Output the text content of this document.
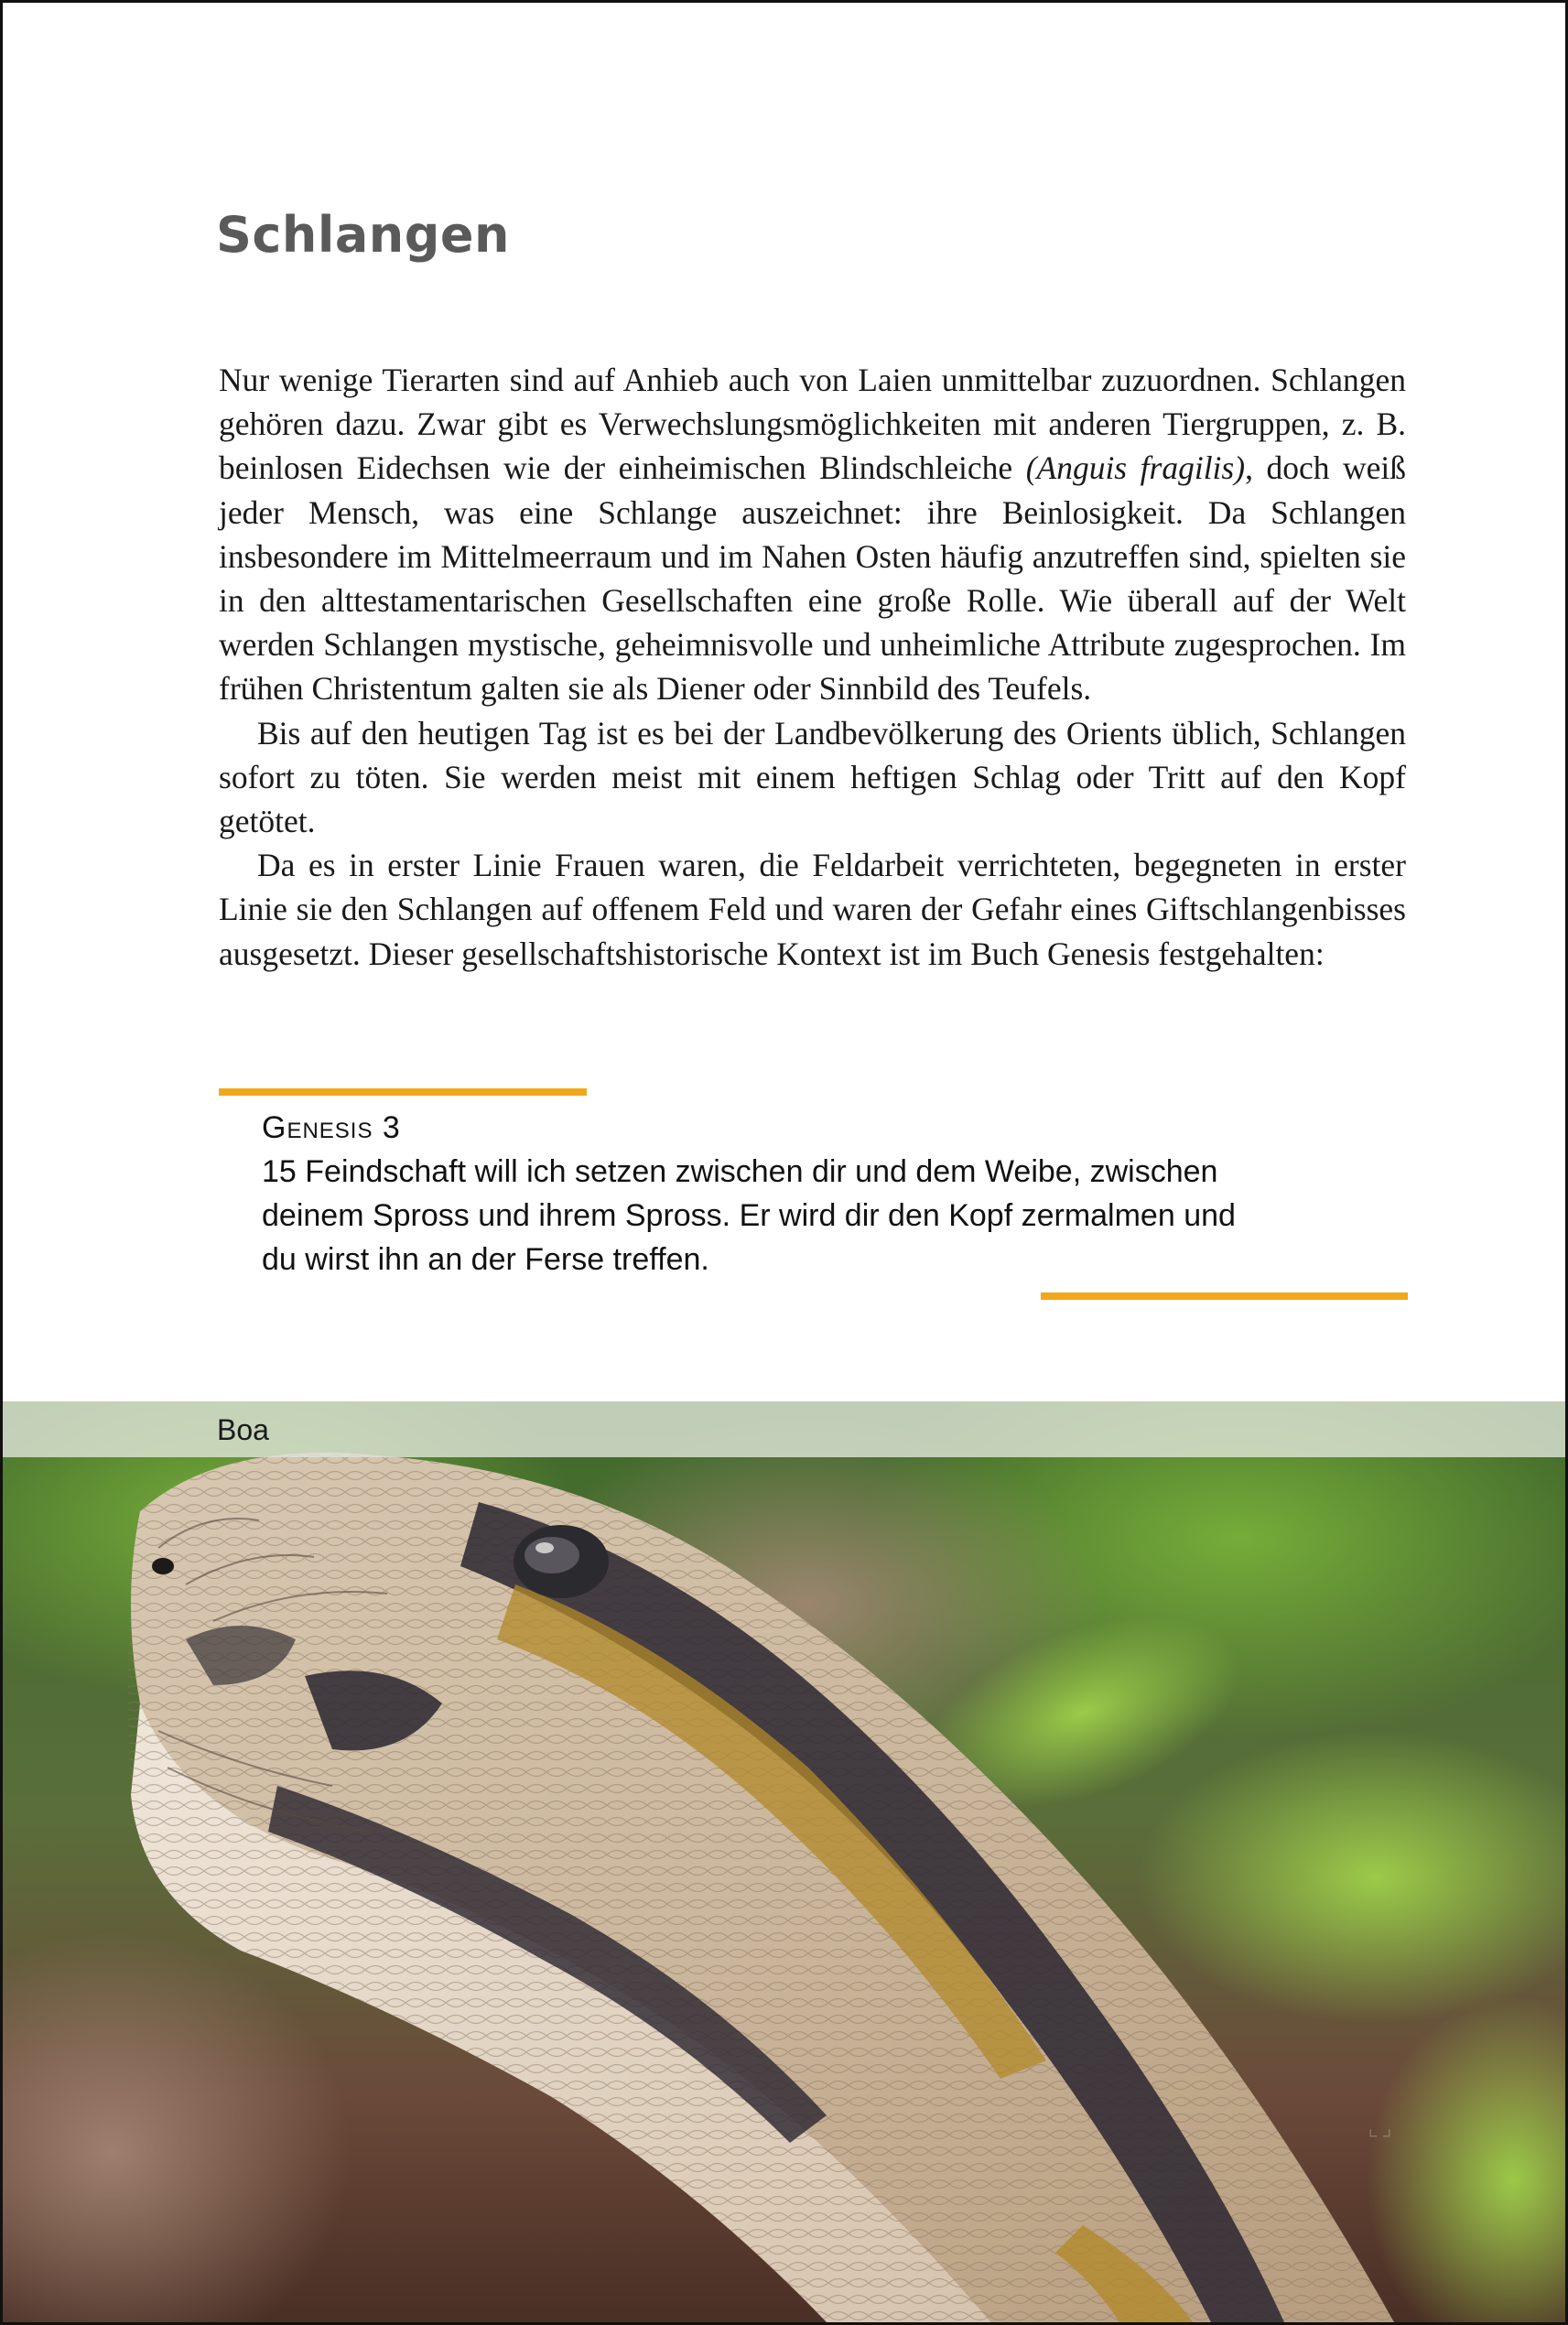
Schlangen

Nur wenige Tierarten sind auf Anhieb auch von Laien unmittelbar zuzuordnen. Schlangen gehören dazu. Zwar gibt es Verwechslungsmöglichkeiten mit anderen Tiergruppen, z. B. beinlosen Eidechsen wie der einheimischen Blindschleiche (Anguis fragilis), doch weiß jeder Mensch, was eine Schlange auszeichnet: ihre Beinlosigkeit. Da Schlangen insbesondere im Mittelmeerraum und im Nahen Osten häufig anzutreffen sind, spielten sie in den alttestamentarischen Gesellschaften eine große Rolle. Wie überall auf der Welt werden Schlangen mystische, geheimnisvolle und unheimliche Attribute zugesprochen. Im frühen Christentum galten sie als Diener oder Sinnbild des Teufels.

Bis auf den heutigen Tag ist es bei der Landbevölkerung des Orients üblich, Schlangen sofort zu töten. Sie werden meist mit einem heftigen Schlag oder Tritt auf den Kopf getötet.

Da es in erster Linie Frauen waren, die Feldarbeit verrichteten, begegneten in erster Linie sie den Schlangen auf offenem Feld und waren der Gefahr eines Giftschlangenbisses ausgesetzt. Dieser gesellschaftshistorische Kontext ist im Buch Genesis festgehalten:

Genesis 3

15 Feindschaft will ich setzen zwischen dir und dem Weibe, zwischen
deinem Spross und ihrem Spross. Er wird dir den Kopf zermalmen und
du wirst ihn an der Ferse treffen.

Boa
⌞⌟
